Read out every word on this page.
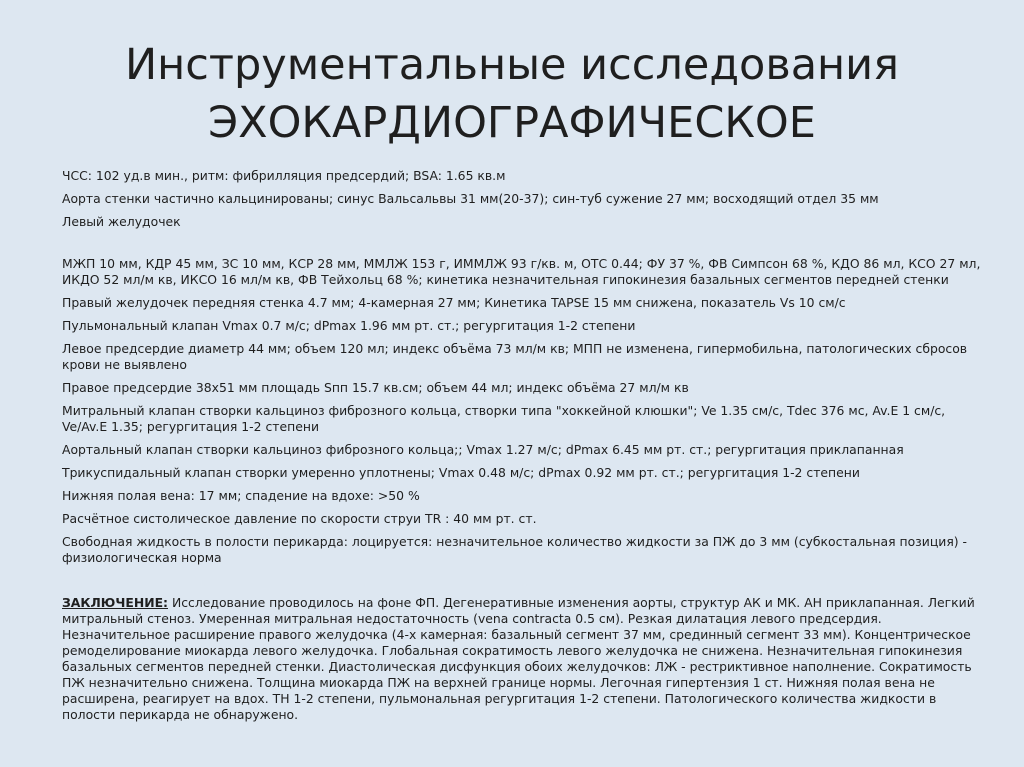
Инструментальные исследования
ЭХОКАРДИОГРАФИЧЕСКОЕ

ЧСС: 102 уд.в мин., ритм: фибрилляция предсердий; BSA: 1.65 кв.м

Аорта стенки частично кальцинированы; синус Вальсальвы 31 мм(20-37); син-туб сужение 27 мм; восходящий отдел 35 мм

Левый желудочек

МЖП 10 мм, КДР 45 мм, ЗС 10 мм, КСР 28 мм, ММЛЖ 153 г, ИММЛЖ 93 г/кв. м, ОТС 0.44; ФУ 37 %, ФВ Симпсон 68 %, КДО 86 мл, КСО 27 мл, ИКДО 52 мл/м кв, ИКСО 16 мл/м кв, ФВ Тейхольц 68 %; кинетика незначительная гипокинезия базальных сегментов передней стенки

Правый желудочек передняя стенка 4.7 мм; 4-камерная 27 мм; Кинетика TAPSE 15 мм снижена, показатель Vs 10 см/с

Пульмональный клапан Vmax 0.7 м/с; dPmax 1.96 мм рт. ст.; регургитация 1-2 степени

Левое предсердие диаметр 44 мм; объем 120 мл; индекс объёма 73 мл/м кв; МПП не изменена, гипермобильна, патологических сбросов крови не выявлено

Правое предсердие 38х51 мм площадь Sпп 15.7 кв.см; объем 44 мл; индекс объёма 27 мл/м кв

Митральный клапан створки кальциноз фиброзного кольца, створки типа "хоккейной клюшки"; Ve 1.35 см/с, Tdec 376 мс, Av.E 1 см/с, Ve/Av.E 1.35; регургитация 1-2 степени

Аортальный клапан створки кальциноз фиброзного кольца;; Vmax 1.27 м/с; dPmax 6.45 мм рт. ст.; регургитация приклапанная

Трикуспидальный клапан створки умеренно уплотнены; Vmax 0.48 м/с; dPmax 0.92 мм рт. ст.; регургитация 1-2 степени

Нижняя полая вена: 17 мм; спадение на вдохе: >50 %

Расчётное систолическое давление по скорости струи TR : 40 мм рт. ст.

Свободная жидкость в полости перикарда: лоцируется: незначительное количество жидкости за ПЖ до 3 мм (субкостальная позиция) - физиологическая норма

ЗАКЛЮЧЕНИЕ: Исследование проводилось на фоне ФП. Дегенеративные изменения аорты, структур АК и МК. АН приклапанная. Легкий митральный стеноз. Умеренная митральная недостаточность (vena contracta 0.5 см). Резкая дилатация левого предсердия. Незначительное расширение правого желудочка (4-х камерная: базальный сегмент 37 мм, срединный сегмент 33 мм). Концентрическое ремоделирование миокарда левого желудочка. Глобальная сократимость левого желудочка не снижена. Незначительная гипокинезия базальных сегментов передней стенки. Диастолическая дисфункция обоих желудочков: ЛЖ - рестриктивное наполнение. Сократимость ПЖ незначительно снижена. Толщина миокарда ПЖ на верхней границе нормы. Легочная гипертензия 1 ст. Нижняя полая вена не расширена, реагирует на вдох. ТН 1-2 степени, пульмональная регургитация 1-2 степени. Патологического количества жидкости в полости перикарда не обнаружено.
